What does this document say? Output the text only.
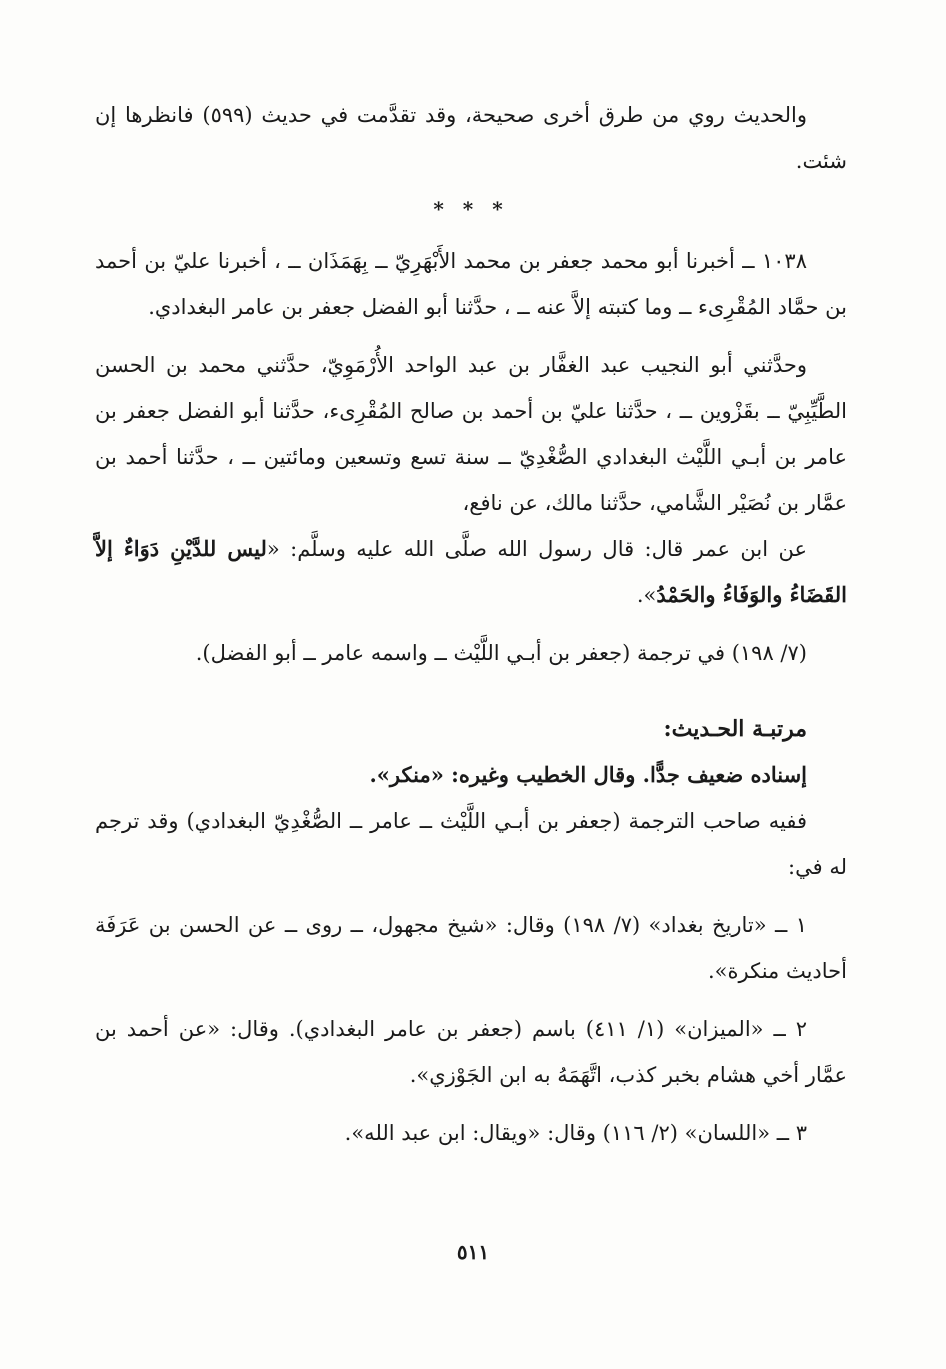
والحديث روي من طرق أخرى صحيحة، وقد تقدَّمت في حديث (٥٩٩) فانظرها إن شئت.

* * *

١٠٣٨ ــ أخبرنا أبو محمد جعفر بن محمد الأَبْهَرِيّ ــ بِهَمَذَان ــ ، أخبرنا عليّ بن أحمد بن حمَّاد المُقْرِىء ــ وما كتبته إلاَّ عنه ــ ، حدَّثنا أبو الفضل جعفر بن عامر البغدادي.

وحدَّثني أبو النجيب عبد الغفَّار بن عبد الواحد الأُرْمَوِيّ، حدَّثني محمد بن الحسن الطَّيِّبِيّ ــ بقَزْوين ــ ، حدَّثنا عليّ بن أحمد بن صالح المُقْرِىء، حدَّثنا أبو الفضل جعفر بن عامر بن أبـي اللَّيْث البغدادي الصُّغْدِيّ ــ سنة تسع وتسعين ومائتين ــ ، حدَّثنا أحمد بن عمَّار بن نُصَيْر الشَّامي، حدَّثنا مالك، عن نافع،

عن ابن عمر قال: قال رسول الله صلَّى الله عليه وسلَّم: «ليس للدَّيْنِ دَوَاءٌ إلاَّ القَضَاءُ والوَفَاءُ والحَمْدُ».

(٧/ ١٩٨) في ترجمة (جعفر بن أبـي اللَّيْث ــ واسمه عامر ــ أبو الفضل).

مرتبـة الحـديث:

إسناده ضعيف جدًّا. وقال الخطيب وغيره: «منكر».

ففيه صاحب الترجمة (جعفر بن أبـي اللَّيْث ــ عامر ــ الصُّغْدِيّ البغدادي) وقد ترجم له في:

١ ــ «تاريخ بغداد» (٧/ ١٩٨) وقال: «شيخ مجهول، ــ روى ــ عن الحسن بن عَرَفَة أحاديث منكرة».

٢ ــ «الميزان» (١/ ٤١١) باسم (جعفر بن عامر البغدادي). وقال: «عن أحمد بن عمَّار أخي هشام بخبر كذب، اتَّهَمَهُ به ابن الجَوْزي».

٣ ــ «اللسان» (٢/ ١١٦) وقال: «ويقال: ابن عبد الله».

٥١١
